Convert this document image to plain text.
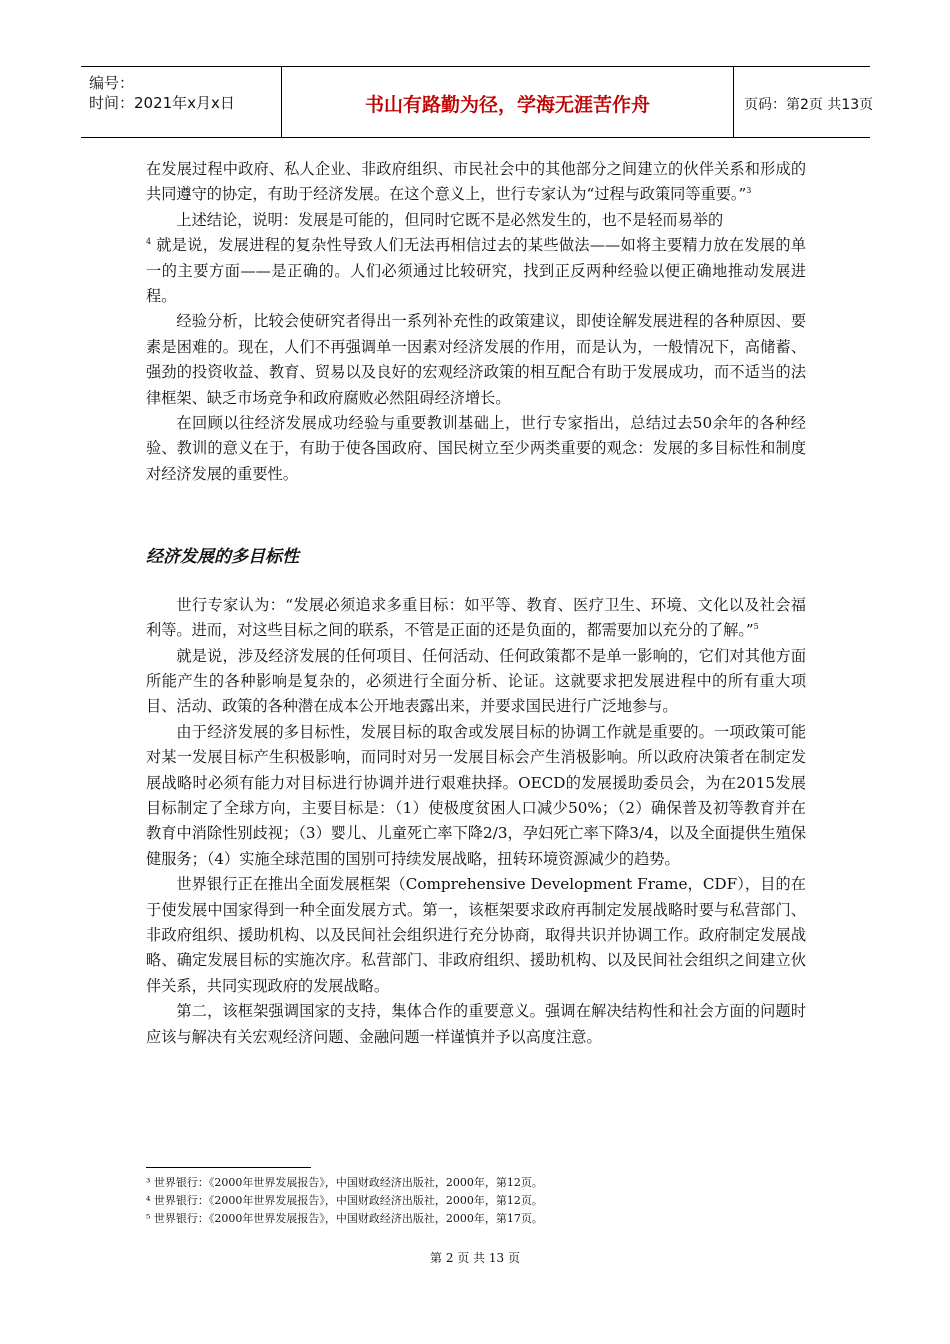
编号：
时间：2021年x月x日	书山有路勤为径，学海无涯苦作舟	页码：第2页 共13页

在发展过程中政府、私人企业、非政府组织、市民社会中的其他部分之间建立的伙伴关系和形成的共同遵守的协定，有助于经济发展。在这个意义上，世行专家认为“过程与政策同等重要。”$^3$

上述结论，说明：发展是可能的，但同时它既不是必然发生的，也不是轻而易举的
$^4$ 就是说，发展进程的复杂性导致人们无法再相信过去的某些做法——如将主要精力放在发展的单一的主要方面——是正确的。人们必须通过比较研究，找到正反两种经验以便正确地推动发展进程。

经验分析，比较会使研究者得出一系列补充性的政策建议，即使诠解发展进程的各种原因、要素是困难的。现在，人们不再强调单一因素对经济发展的作用，而是认为，一般情况下，高储蓄、强劲的投资收益、教育、贸易以及良好的宏观经济政策的相互配合有助于发展成功，而不适当的法律框架、缺乏市场竞争和政府腐败必然阻碍经济增长。

在回顾以往经济发展成功经验与重要教训基础上，世行专家指出，总结过去50余年的各种经验、教训的意义在于，有助于使各国政府、国民树立至少两类重要的观念：发展的多目标性和制度对经济发展的重要性。

经济发展的多目标性

世行专家认为：“发展必须追求多重目标：如平等、教育、医疗卫生、环境、文化以及社会福利等。进而，对这些目标之间的联系，不管是正面的还是负面的，都需要加以充分的了解。”$^5$

就是说，涉及经济发展的任何项目、任何活动、任何政策都不是单一影响的，它们对其他方面所能产生的各种影响是复杂的，必须进行全面分析、论证。这就要求把发展进程中的所有重大项目、活动、政策的各种潜在成本公开地表露出来，并要求国民进行广泛地参与。

由于经济发展的多目标性，发展目标的取舍或发展目标的协调工作就是重要的。一项政策可能对某一发展目标产生积极影响，而同时对另一发展目标会产生消极影响。所以政府决策者在制定发展战略时必须有能力对目标进行协调并进行艰难抉择。OECD的发展援助委员会，为在2015发展目标制定了全球方向，主要目标是：（1）使极度贫困人口减少50%；（2）确保普及初等教育并在教育中消除性别歧视；（3）婴儿、儿童死亡率下降2/3，孕妇死亡率下降3/4，以及全面提供生殖保健服务；（4）实施全球范围的国别可持续发展战略，扭转环境资源减少的趋势。

世界银行正在推出全面发展框架（Comprehensive Development Frame，CDF），目的在于使发展中国家得到一种全面发展方式。第一，该框架要求政府再制定发展战略时要与私营部门、非政府组织、援助机构、以及民间社会组织进行充分协商，取得共识并协调工作。政府制定发展战略、确定发展目标的实施次序。私营部门、非政府组织、援助机构、以及民间社会组织之间建立伙伴关系，共同实现政府的发展战略。

第二，该框架强调国家的支持，集体合作的重要意义。强调在解决结构性和社会方面的问题时应该与解决有关宏观经济问题、金融问题一样谨慎并予以高度注意。

³ 世界银行：《2000年世界发展报告》，中国财政经济出版社，2000年，第12页。
⁴ 世界银行：《2000年世界发展报告》，中国财政经济出版社，2000年，第12页。
⁵ 世界银行：《2000年世界发展报告》，中国财政经济出版社，2000年，第17页。
第 2 页 共 13 页
